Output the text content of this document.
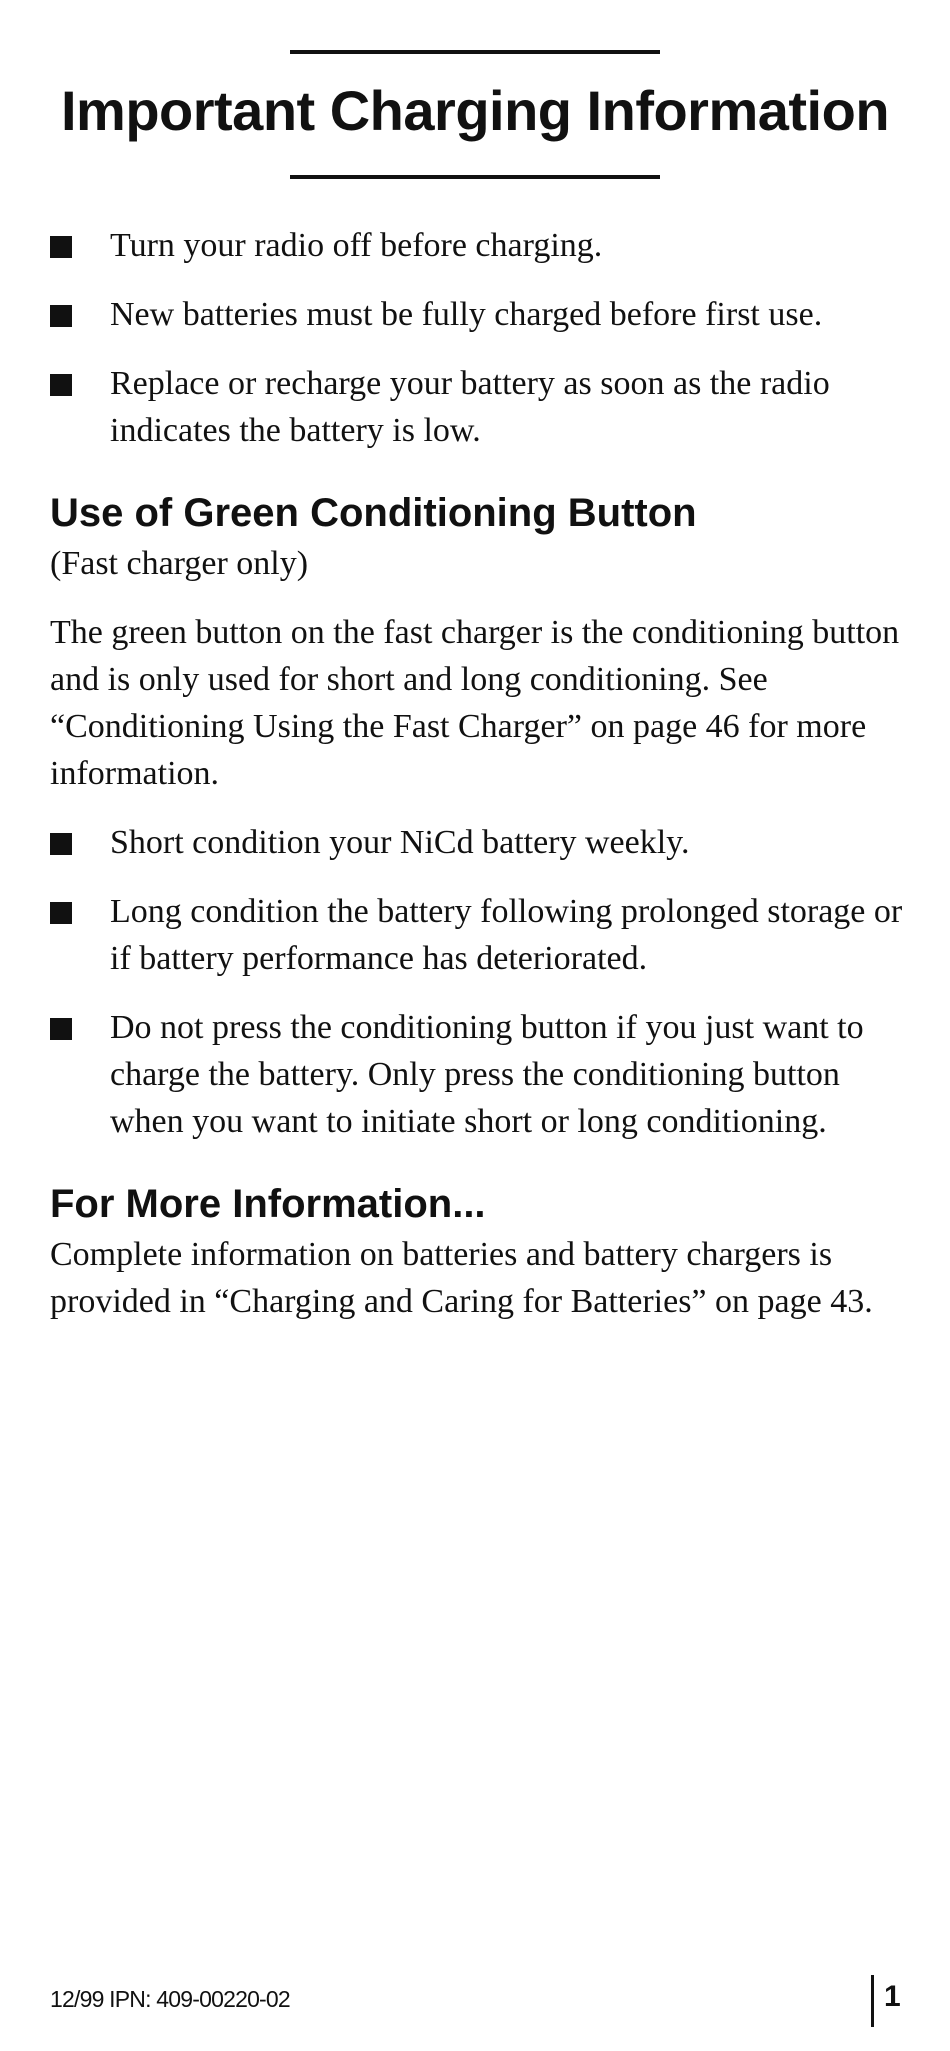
Important Charging Information
Turn your radio off before charging.
New batteries must be fully charged before first use.
Replace or recharge your battery as soon as the radio indicates the battery is low.
Use of Green Conditioning Button

(Fast charger only)

The green button on the fast charger is the conditioning button and is only used for short and long conditioning. See “Conditioning Using the Fast Charger” on page 46 for more information.

Short condition your NiCd battery weekly.
Long condition the battery following prolonged storage or if battery performance has deteriorated.
Do not press the conditioning button if you just want to charge the battery. Only press the conditioning button when you want to initiate short or long conditioning.
For More Information...

Complete information on batteries and battery chargers is provided in “Charging and Caring for Batteries” on page 43.

12/99 IPN: 409-00220-02	1
